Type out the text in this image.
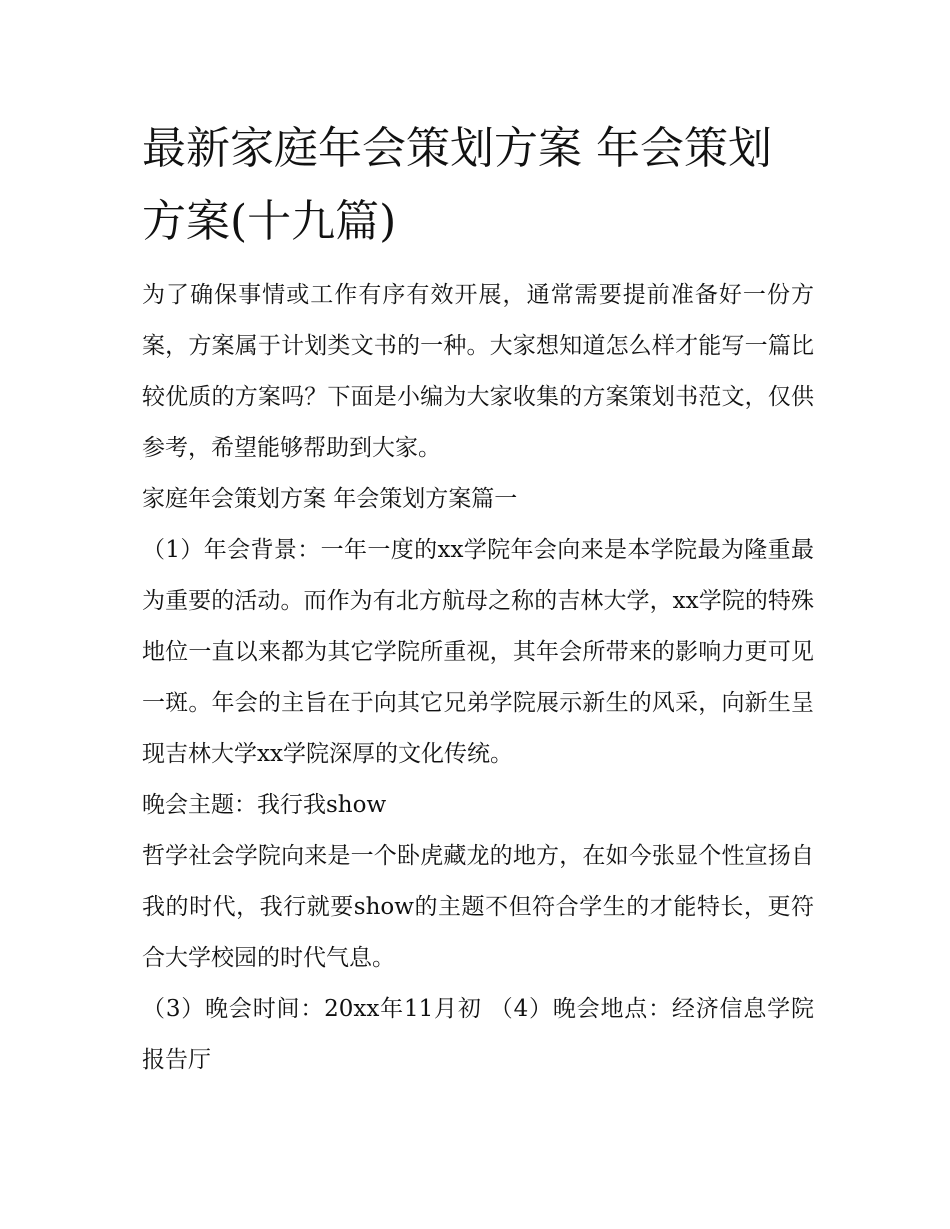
最新家庭年会策划方案 年会策划方案(十九篇)

为了确保事情或工作有序有效开展，通常需要提前准备好一份方案，方案属于计划类文书的一种。大家想知道怎么样才能写一篇比较优质的方案吗？下面是小编为大家收集的方案策划书范文，仅供参考，希望能够帮助到大家。

家庭年会策划方案 年会策划方案篇一

（1）年会背景：一年一度的xx学院年会向来是本学院最为隆重最为重要的活动。而作为有北方航母之称的吉林大学，xx学院的特殊地位一直以来都为其它学院所重视，其年会所带来的影响力更可见一斑。年会的主旨在于向其它兄弟学院展示新生的风采，向新生呈现吉林大学xx学院深厚的文化传统。

晚会主题：我行我show

哲学社会学院向来是一个卧虎藏龙的地方，在如今张显个性宣扬自我的时代，我行就要show的主题不但符合学生的才能特长，更符合大学校园的时代气息。

（3）晚会时间：20xx年11月初 （4）晚会地点：经济信息学院报告厅
